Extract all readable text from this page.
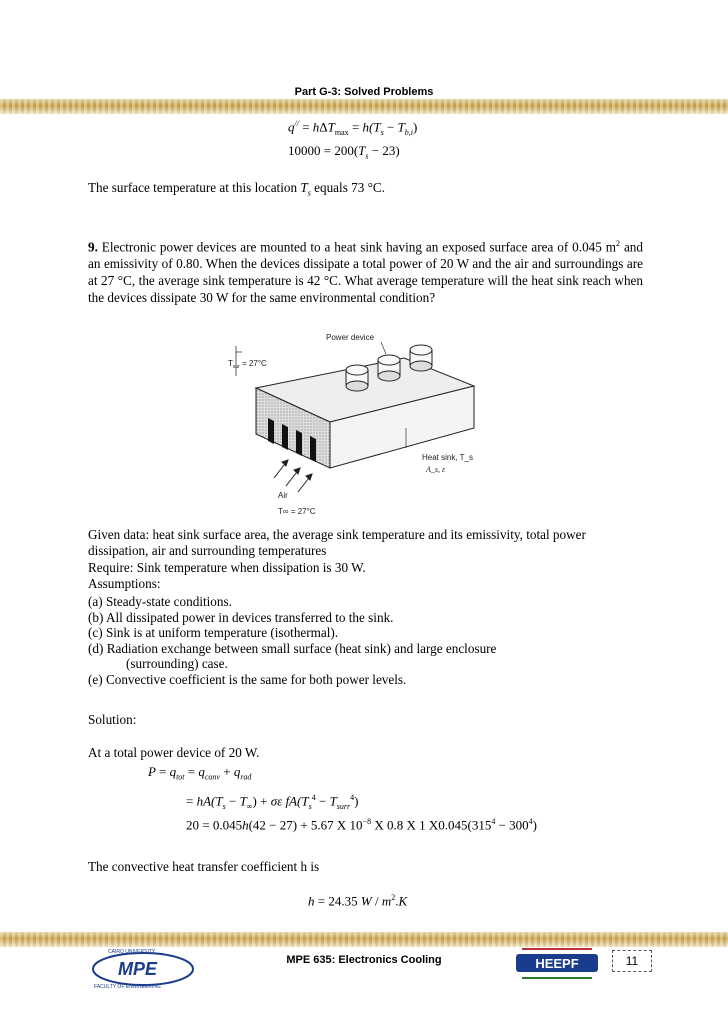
Part G-3: Solved Problems
$q^{//} = h\Delta T_{max} = h(T_s - T_{b,i})$
$10000 = 200(T_s - 23)$
The surface temperature at this location $T_s$ equals 73 °C.
9. Electronic power devices are mounted to a heat sink having an exposed surface area of 0.045 $m^2$ and an emissivity of 0.80. When the devices dissipate a total power of 20 W and the air and surroundings are at 27 °C, the average sink temperature is 42 °C. What average temperature will the heat sink reach when the devices dissipate 30 W for the same environmental condition?
$T_{sur} = 27^\circ C$
Power device
Heat sink, T_s
A_s, ε
Air
T∞ = 27°C
Given data: heat sink surface area, the average sink temperature and its emissivity, total power dissipation, air and surrounding temperatures
Require: Sink temperature when dissipation is 30 W.
Assumptions:
(a) Steady-state conditions.
(b) All dissipated power in devices transferred to the sink.
(c) Sink is at uniform temperature (isothermal).
(d) Radiation exchange between small surface (heat sink) and large enclosure
(surrounding) case.
(e) Convective coefficient is the same for both power levels.
Solution:
At a total power device of 20 W.
$P = q_{tot} = q_{conv} + q_{rad}$
= $hA(T_s - T_\infty) + \sigma\varepsilon$ $fA(T_s^4 - T_{surr}^4)$
20 = 0.045h(42 − 27) + 5.67 X $10^{-8}$ X 0.8 X 1 $X0.045(315^4 - 300^4)$
The convective heat transfer coefficient h is
h = 24.35 W / $m^2.K$
MPE
CAIRO UNIVERSITY
FACULTY OF ENGINEERING
MPE 635: Electronics Cooling	HEEPF	11
